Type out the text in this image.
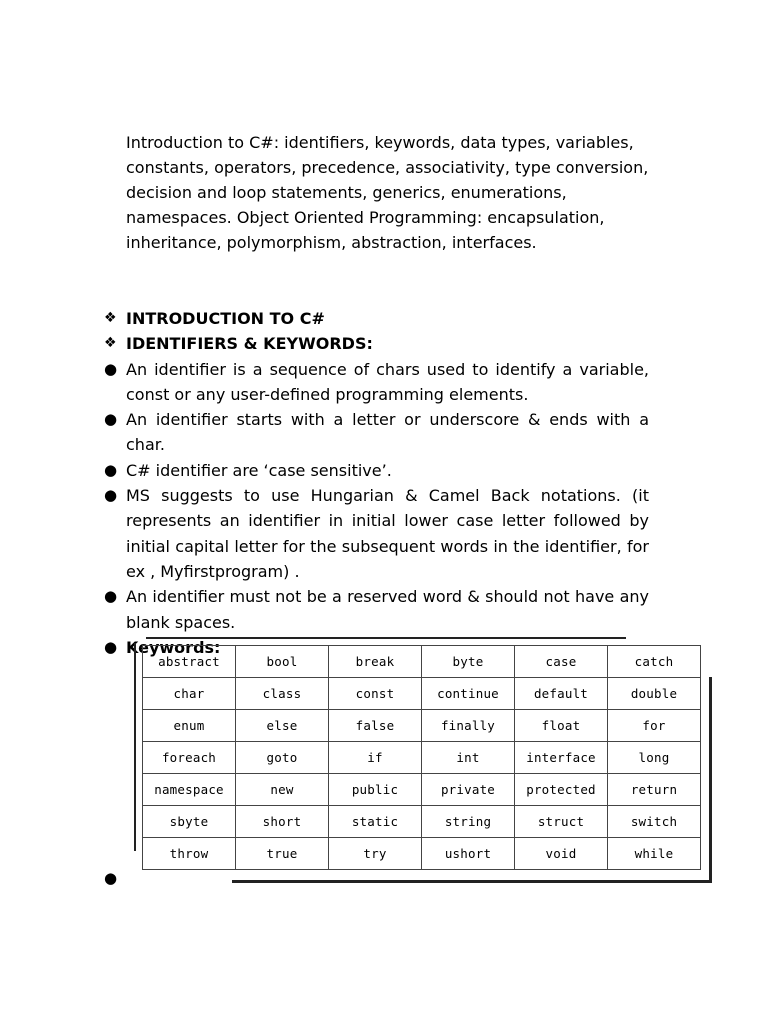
Introduction to C#: identifiers, keywords, data types, variables,
constants, operators, precedence, associativity, type conversion,
decision and loop statements, generics, enumerations,
namespaces. Object Oriented Programming: encapsulation,
inheritance, polymorphism, abstraction, interfaces.
❖ INTRODUCTION TO C#
❖ IDENTIFIERS & KEYWORDS:
● An identifier is a sequence of chars used to identify a variable, const or any user-defined programming elements.
● An identifier starts with a letter or underscore & ends with a char.
● C# identifier are ‘case sensitive’.
● MS suggests to use Hungarian & Camel Back notations. (it represents an identifier in initial lower case letter followed by initial capital letter for the subsequent words in the identifier, for ex , Myfirstprogram) .
● An identifier must not be a reserved word & should not have any blank spaces.
● Keywords:
abstract	bool	break	byte	case	catch
char	class	const	continue	default	double
enum	else	false	finally	float	for
foreach	goto	if	int	interface	long
namespace	new	public	private	protected	return
sbyte	short	static	string	struct	switch
throw	true	try	ushort	void	while
●
